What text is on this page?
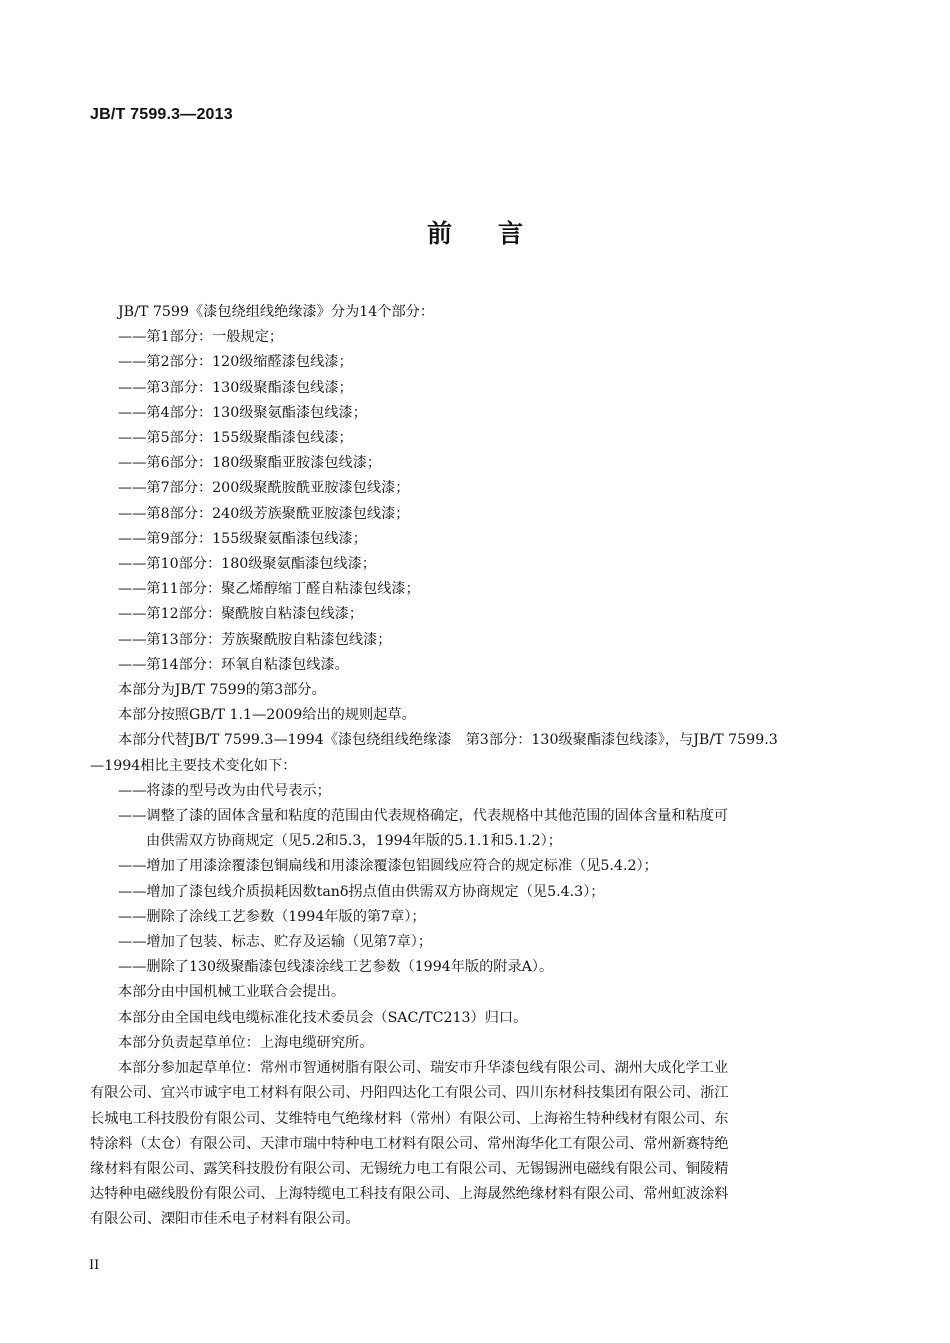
JB/T 7599.3—2013
前言

JB/T 7599《漆包绕组线绝缘漆》分为14个部分：

——第1部分：一般规定；

——第2部分：120级缩醛漆包线漆；

——第3部分：130级聚酯漆包线漆；

——第4部分：130级聚氨酯漆包线漆；

——第5部分：155级聚酯漆包线漆；

——第6部分：180级聚酯亚胺漆包线漆；

——第7部分：200级聚酰胺酰亚胺漆包线漆；

——第8部分：240级芳族聚酰亚胺漆包线漆；

——第9部分：155级聚氨酯漆包线漆；

——第10部分：180级聚氨酯漆包线漆；

——第11部分：聚乙烯醇缩丁醛自粘漆包线漆；

——第12部分：聚酰胺自粘漆包线漆；

——第13部分：芳族聚酰胺自粘漆包线漆；

——第14部分：环氧自粘漆包线漆。

本部分为JB/T 7599的第3部分。

本部分按照GB/T 1.1—2009给出的规则起草。

本部分代替JB/T 7599.3—1994《漆包绕组线绝缘漆　第3部分：130级聚酯漆包线漆》，与JB/T 7599.3

—1994相比主要技术变化如下：

——将漆的型号改为由代号表示；

——调整了漆的固体含量和粘度的范围由代表规格确定，代表规格中其他范围的固体含量和粘度可

由供需双方协商规定（见5.2和5.3，1994年版的5.1.1和5.1.2）；

——增加了用漆涂覆漆包铜扁线和用漆涂覆漆包铝圆线应符合的规定标准（见5.4.2）；

——增加了漆包线介质损耗因数tanδ拐点值由供需双方协商规定（见5.4.3）；

——删除了涂线工艺参数（1994年版的第7章）；

——增加了包装、标志、贮存及运输（见第7章）；

——删除了130级聚酯漆包线漆涂线工艺参数（1994年版的附录A）。

本部分由中国机械工业联合会提出。

本部分由全国电线电缆标准化技术委员会（SAC/TC213）归口。

本部分负责起草单位：上海电缆研究所。

本部分参加起草单位：常州市智通树脂有限公司、瑞安市升华漆包线有限公司、湖州大成化学工业

有限公司、宜兴市诚宇电工材料有限公司、丹阳四达化工有限公司、四川东材科技集团有限公司、浙江

长城电工科技股份有限公司、艾维特电气绝缘材料（常州）有限公司、上海裕生特种线材有限公司、东

特涂料（太仓）有限公司、天津市瑞中特种电工材料有限公司、常州海华化工有限公司、常州新赛特绝

缘材料有限公司、露笑科技股份有限公司、无锡统力电工有限公司、无锡锡洲电磁线有限公司、铜陵精

达特种电磁线股份有限公司、上海特缆电工科技有限公司、上海晟然绝缘材料有限公司、常州虹波涂料

有限公司、溧阳市佳禾电子材料有限公司。

II
